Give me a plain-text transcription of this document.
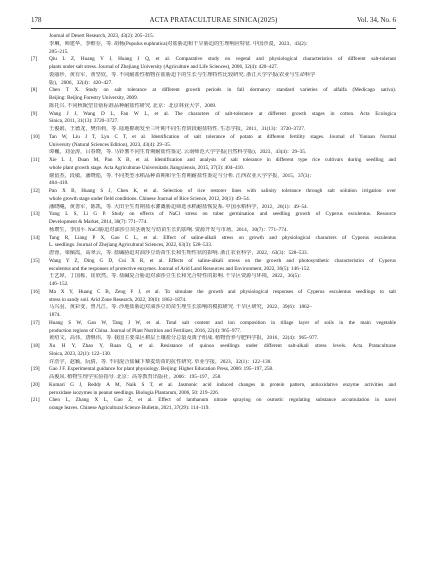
178	ACTA PRATACULTURAE SINICA(2025)	Vol. 34, No. 6
Journal of Desert Research, 2023, 43(2): 205–215.
李琳，师建华，李维存，等. 胡杨(Populus euphratica)对盐胁迫和干旱胁迫的生理响应特征. 中国沙漠，2023，43(2)：
205–215.
[7] Qiu L Z, Huang Y J, Huang J Q, et al. Comparative study on vegetal and physiological characteristics of different salt-tolerant
plants under salt stress. Journal of Zhejiang University (Agriculture and Life Sciences), 2006, 32(4): 420–427.
裘丽珍，黄有军，黄坚钦，等. 不同耐盐性植物在盐胁迫下的生长与生理特性比较研究. 浙江大学学报(农业与生命科学
版)，2006，32(4)：420–427.
[8] Chen T X. Study on salt tolerance at different growth periods in fall dormancy standard varieties of alfalfa (Medicago sativa).
Beijing: Beijing Forestry University, 2009.
陈托兴. 不同秋眠型苜蓿标准品种耐盐性研究. 北京：北京林业大学，2009.
[9] Wang J J, Wang D L, Fan W L, et al. The characters of salt-tolerance at different growth stages in cotton. Acta Ecologica
Sinica, 2011, 31(13): 3720–3727.
王俊娟，王德龙，樊伟莉，等. 陆地棉萌发至三叶期不同生育阶段耐盐特性. 生态学报，2011，31(13)：3720–3727.
[10] Tan W, Liu J T, Lyu C T, et al. Identification of salt tolerance of potato at different fertility stages. Journal of Yunnan Normal
University (Natural Sciences Edition), 2023, 43(4): 29–35.
谭巍，刘金涛，吕春晓，等. 马铃薯不同生育期耐盐性鉴定. 云南师范大学学报(自然科学版)，2023，43(4)：29–35.
[11] Xie L J, Duan M, Pan X B, et al. Identification and analysis of salt tolerance in different type rice cultivars during seedling and
whole plant growth stage. Acta Agriculturae Universitatis Jiangxiensis, 2015, 37(3): 404–410.
谢留杰，段敏，潘晓彪，等. 不同类型水稻品种苗期和全生育期耐盐性鉴定与分析. 江西农业大学学报，2015，37(3)：
404–410.
[12] Pan X B, Huang S J, Chen K, et al. Selection of rice restorer lines with salinity tolerance through salt solution irrigation over
whole growth stage under field conditions. Chinese Journal of Rice Science, 2012, 26(1): 49–54.
潘晓飚，黄善军，陈凯，等. 大田全生育期盐水灌溉胁迫筛选水稻耐盐恢复系. 中国水稻科学，2012，26(1)：49–54.
[13] Yang L S, Li G P. Study on effects of NaCl stress on tuber germination and seedling growth of Cyperus esculentus. Resource
Development & Market, 2014, 30(7): 771–774.
杨瓒生，李国平. NaCl胁迫对油莎豆块茎萌发与幼苗生长的影响. 资源开发与市场，2014，30(7)：771–774.
[14] Tang R, Liang P X, Gao C L, et al. Effect of saline-alkali stress on growth and physiological characters of Cyperus esculentus
L. seedlings. Journal of Zhejiang Agricultural Sciences, 2022, 63(3): 528–533.
唐蓉，梁佩霞，高翠云，等. 盐碱胁迫对油莎豆幼苗生长和生理性状的影响. 浙江农业科学，2022，63(3)：528–533.
[15] Wang Y Z, Ding G D, Cui X R, et al. Effects of saline-alkali stress on the growth and photosynthetic characteristics of Cyperus
esculentus and the responses of protective enzymes. Journal of Arid Land Resources and Environment, 2022, 36(5): 146–152.
王艺璋，丁国栋，崔欣然，等. 盐碱复合胁迫对油莎豆生长和光合特性的影响. 干旱区资源与环境，2022，36(5)：
146–152.
[16] Ma X Y, Huang C B, Zeng F J, et al. To simulate the growth and physiological responses of Cyperus esculentus seedlings to salt
stress in sandy soil. Arid Zone Research, 2022, 39(6): 1862–1874.
马兴羽，黄彩变，曾凡江，等. 沙地盐胁迫对油莎豆幼苗生理生长影响的模拟研究. 干旱区研究，2022，39(6)：1862–
1874.
[17] Huang S W, Gao W, Tang J W, et al. Total salt content and ion composition in tillage layer of soils in the main vegetable
production regions of China. Journal of Plant Nutrition and Fertilizer, 2016, 22(4): 965–977.
黄绍文，高伟，唐继伟，等. 我国主要菜区耕层土壤盐分总量及离子组成. 植物营养与肥料学报，2016，22(4)：965–977.
[18] Xu H Y, Zhao Y, Ruan Q, et al. Resistance of quinoa seedlings under different salt-alkali stress levels. Acta Prataculturae
Sinica, 2023, 32(1): 122–130.
许浩宇，赵颖，阮倩，等. 不同混合盐碱下藜麦幼苗的抗性研究. 草业学报，2023，32(1)：122–130.
[19] Gao J F. Experimental guidance for plant physiology. Beijing: Higher Education Press, 2006: 195–197, 258.
高俊凤. 植物生理学实验指导. 北京：高等教育出版社，2006：195–197，258.
[20] Kumari G J, Reddy A M, Naik S T, et al. Jasmonic acid induced changes in protein pattern, antioxidative enzyme activities and
peroxidase isozymes in peanut seedlings. Biologia Plantarum, 2006, 50: 219–226.
[21] Chen L, Zhang X L, Gao Z, et al. Effect of lanthanum nitrate spraying on osmotic regulating substance accumulation in navel
orange leaves. Chinese Agricultural Science Bulletin, 2021, 37(29): 114–119.
